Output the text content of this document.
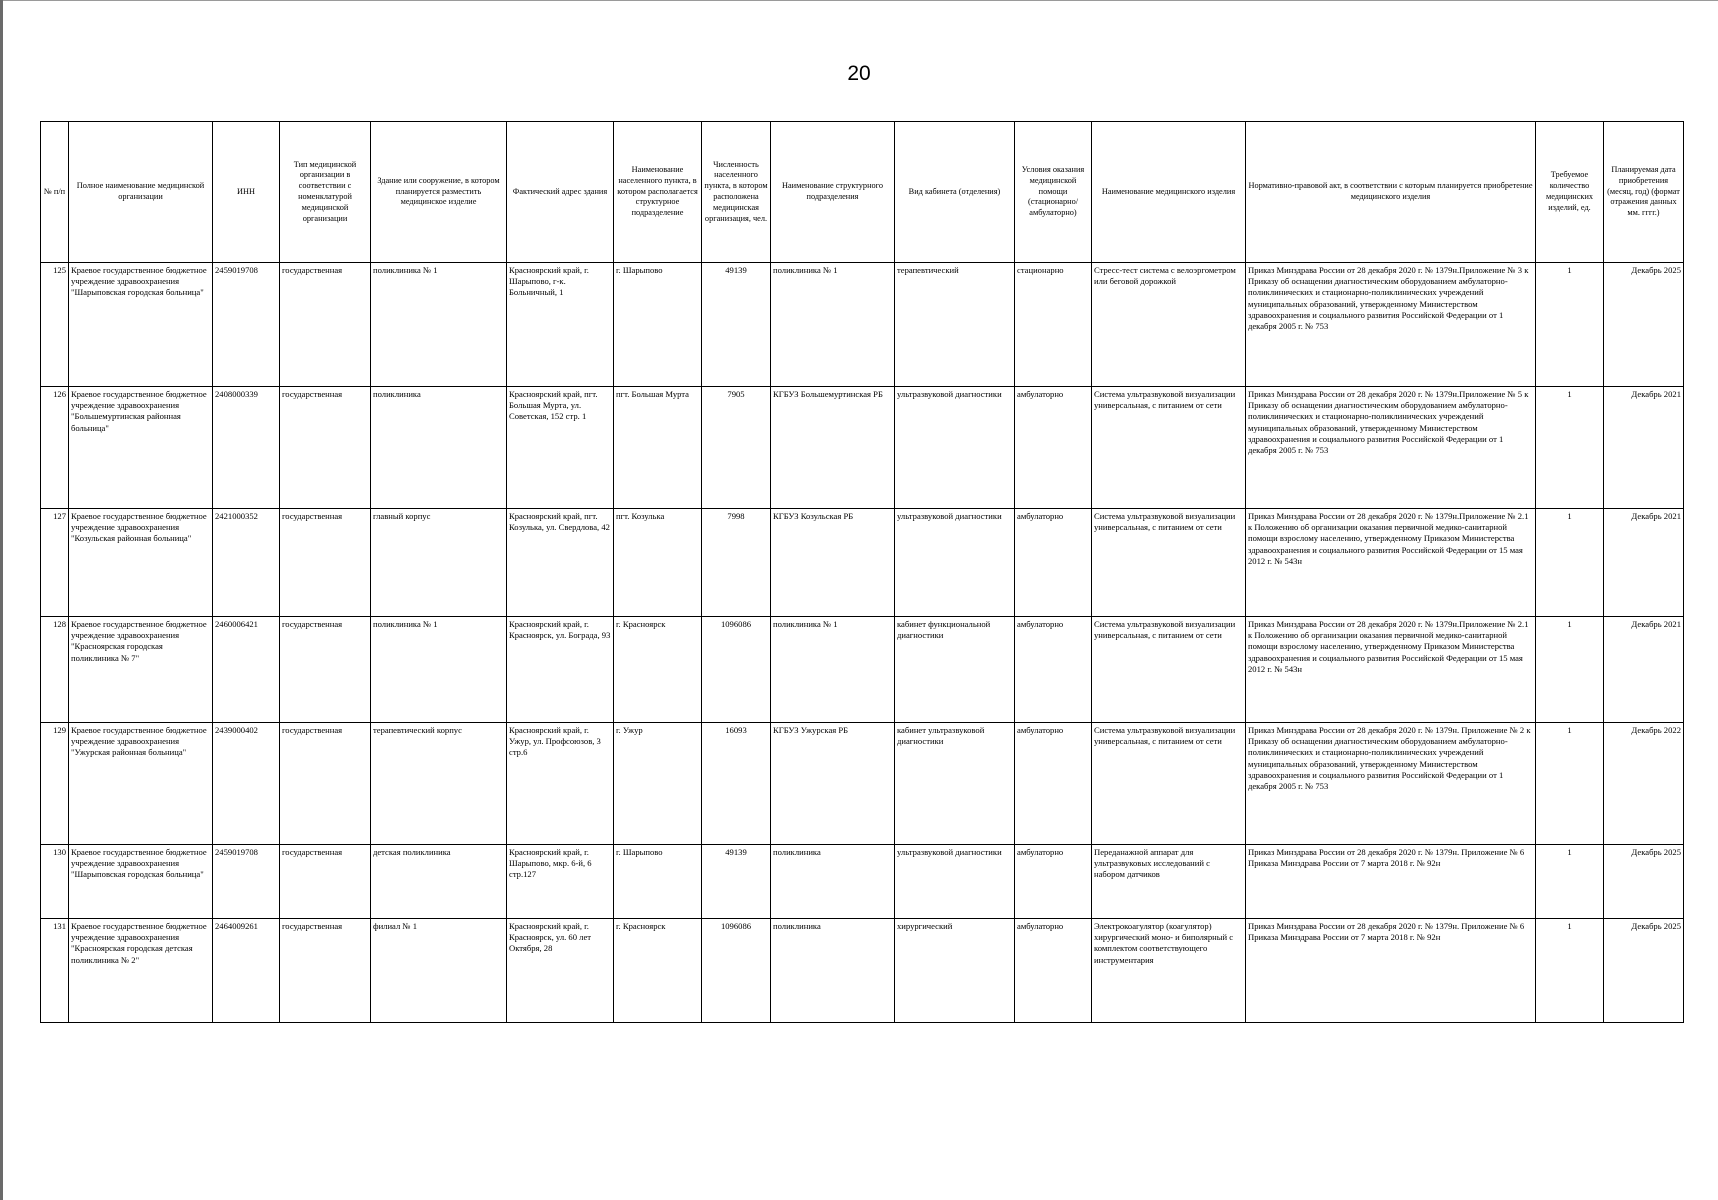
20
№ п/п	Полное наименование медицинской организации	ИНН	Тип медицинской организации в соответствии с номенклатурой медицинской организации	Здание или сооружение, в котором планируется разместить медицинское изделие	Фактический адрес здания	Наименование населенного пункта, в котором располагается структурное подразделение	Численность населенного пункта, в котором расположена медицинская организация, чел.	Наименование структурного подразделения	Вид кабинета (отделения)	Условия оказания медицинской помощи (стационарно/ амбулаторно)	Наименование медицинского изделия	Нормативно-правовой акт, в соответствии с которым планируется приобретение медицинского изделия	Требуемое количество медицинских изделий, ед.	Планируемая дата приобретения (месяц, год) (формат отражения данных мм. гггг.)
125	Краевое государственное бюджетное учреждение здравоохранения "Шарыповская городская больница"	2459019708	государственная	поликлиника № 1	Красноярский край, г. Шарыпово, г-к. Больничный, 1	г. Шарыпово	49139	поликлиника № 1	терапевтический	стационарно	Стресс-тест система с велоэргометром или беговой дорожкой	Приказ Минздрава России от 28 декабря 2020 г. № 1379н.Приложение № 3 к Приказу об оснащении диагностическим оборудованием амбулаторно-поликлинических и стационарно-поликлинических учреждений муниципальных образований, утвержденному Министерством здравоохранения и социального развития Российской Федерации от 1 декабря 2005 г. № 753	1	Декабрь 2025
126	Краевое государственное бюджетное учреждение здравоохранения "Большемуртинская районная больница"	2408000339	государственная	поликлиника	Красноярский край, пгт. Большая Мурта, ул. Советская, 152 стр. 1	пгт. Большая Мурта	7905	КГБУЗ Большемуртинская РБ	ультразвуковой диагностики	амбулаторно	Система ультразвуковой визуализации универсальная, с питанием от сети	Приказ Минздрава России от 28 декабря 2020 г. № 1379н.Приложение № 5 к Приказу об оснащении диагностическим оборудованием амбулаторно-поликлинических и стационарно-поликлинических учреждений муниципальных образований, утвержденному Министерством здравоохранения и социального развития Российской Федерации от 1 декабря 2005 г. № 753	1	Декабрь 2021
127	Краевое государственное бюджетное учреждение здравоохранения "Козульская районная больница"	2421000352	государственная	главный корпус	Красноярский край, пгт. Козулька, ул. Свердлова, 42	пгт. Козулька	7998	КГБУЗ Козульская РБ	ультразвуковой диагностики	амбулаторно	Система ультразвуковой визуализации универсальная, с питанием от сети	Приказ Минздрава России от 28 декабря 2020 г. № 1379н.Приложение № 2.1 к Положению об организации оказания первичной медико-санитарной помощи взрослому населению, утвержденному Приказом Министерства здравоохранения и социального развития Российской Федерации от 15 мая 2012 г. № 543н	1	Декабрь 2021
128	Краевое государственное бюджетное учреждение здравоохранения "Красноярская городская поликлиника № 7"	2460006421	государственная	поликлиника № 1	Красноярский край, г. Красноярск, ул. Бограда, 93	г. Красноярск	1096086	поликлиника № 1	кабинет функциональной диагностики	амбулаторно	Система ультразвуковой визуализации универсальная, с питанием от сети	Приказ Минздрава России от 28 декабря 2020 г. № 1379н.Приложение № 2.1 к Положению об организации оказания первичной медико-санитарной помощи взрослому населению, утвержденному Приказом Министерства здравоохранения и социального развития Российской Федерации от 15 мая 2012 г. № 543н	1	Декабрь 2021
129	Краевое государственное бюджетное учреждение здравоохранения "Ужурская районная больница"	2439000402	государственная	терапевтический корпус	Красноярский край, г. Ужур, ул. Профсоюзов, 3 стр.6	г. Ужур	16093	КГБУЗ Ужурская РБ	кабинет ультразвуковой диагностики	амбулаторно	Система ультразвуковой визуализации универсальная, с питанием от сети	Приказ Минздрава России от 28 декабря 2020 г. № 1379н. Приложение № 2 к Приказу об оснащении диагностическим оборудованием амбулаторно-поликлинических и стационарно-поликлинических учреждений муниципальных образований, утвержденному Министерством здравоохранения и социального развития Российской Федерации от 1 декабря 2005 г. № 753	1	Декабрь 2022
130	Краевое государственное бюджетное учреждение здравоохранения "Шарыповская городская больница"	2459019708	государственная	детская поликлиника	Красноярский край, г. Шарыпово, мкр. 6-й, 6 стр.127	г. Шарыпово	49139	поликлиника	ультразвуковой диагностики	амбулаторно	Переданажной аппарат для ультразвуковых исследований с набором датчиков	Приказ Минздрава России от 28 декабря 2020 г. № 1379н. Приложение № 6 Приказа Минздрава России от 7 марта 2018 г. № 92н	1	Декабрь 2025
131	Краевое государственное бюджетное учреждение здравоохранения "Красноярская городская детская поликлиника № 2"	2464009261	государственная	филиал № 1	Красноярский край, г. Красноярск, ул. 60 лет Октября, 28	г. Красноярск	1096086	поликлиника	хирургический	амбулаторно	Электрокоагулятор (коагулятор) хирургический моно- и биполярный с комплектом соответствующего инструментария	Приказ Минздрава России от 28 декабря 2020 г. № 1379н. Приложение № 6 Приказа Минздрава России от 7 марта 2018 г. № 92н	1	Декабрь 2025
